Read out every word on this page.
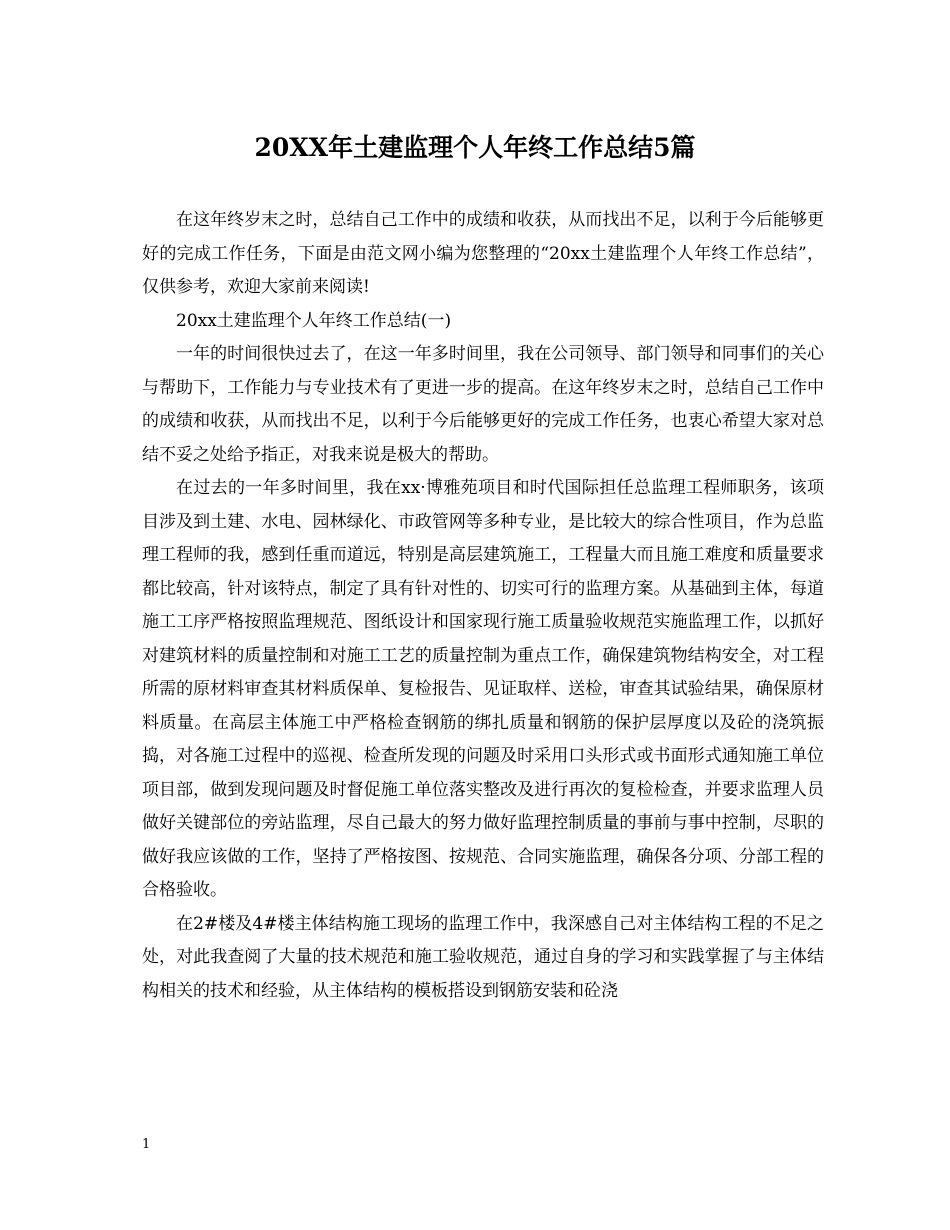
20XX年土建监理个人年终工作总结5篇

在这年终岁末之时，总结自己工作中的成绩和收获，从而找出不足，以利于今后能够更好的完成工作任务，下面是由范文网小编为您整理的“20xx土建监理个人年终工作总结”，仅供参考，欢迎大家前来阅读!

20xx土建监理个人年终工作总结(一)

一年的时间很快过去了，在这一年多时间里，我在公司领导、部门领导和同事们的关心与帮助下，工作能力与专业技术有了更进一步的提高。在这年终岁末之时，总结自己工作中的成绩和收获，从而找出不足，以利于今后能够更好的完成工作任务，也衷心希望大家对总结不妥之处给予指正，对我来说是极大的帮助。

在过去的一年多时间里，我在xx·博雅苑项目和时代国际担任总监理工程师职务，该项目涉及到土建、水电、园林绿化、市政管网等多种专业，是比较大的综合性项目，作为总监理工程师的我，感到任重而道远，特别是高层建筑施工，工程量大而且施工难度和质量要求都比较高，针对该特点，制定了具有针对性的、切实可行的监理方案。从基础到主体，每道施工工序严格按照监理规范、图纸设计和国家现行施工质量验收规范实施监理工作，以抓好对建筑材料的质量控制和对施工工艺的质量控制为重点工作，确保建筑物结构安全，对工程所需的原材料审查其材料质保单、复检报告、见证取样、送检，审查其试验结果，确保原材料质量。在高层主体施工中严格检查钢筋的绑扎质量和钢筋的保护层厚度以及砼的浇筑振捣，对各施工过程中的巡视、检查所发现的问题及时采用口头形式或书面形式通知施工单位项目部，做到发现问题及时督促施工单位落实整改及进行再次的复检检查，并要求监理人员做好关键部位的旁站监理，尽自己最大的努力做好监理控制质量的事前与事中控制，尽职的做好我应该做的工作，坚持了严格按图、按规范、合同实施监理，确保各分项、分部工程的合格验收。

在2#楼及4#楼主体结构施工现场的监理工作中，我深感自己对主体结构工程的不足之处，对此我查阅了大量的技术规范和施工验收规范，通过自身的学习和实践掌握了与主体结构相关的技术和经验，从主体结构的模板搭设到钢筋安装和砼浇

1
